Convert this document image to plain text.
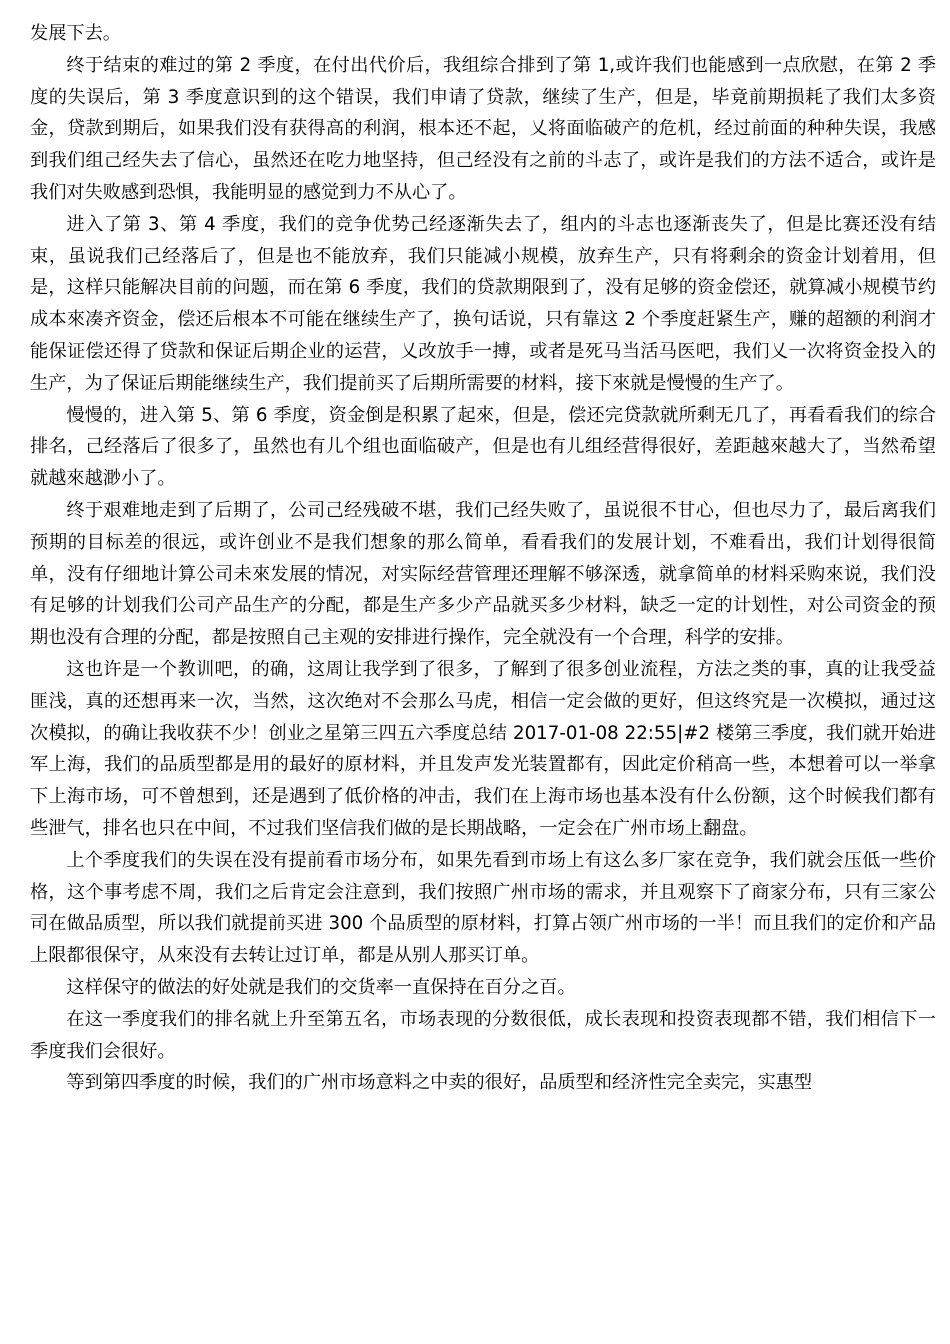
发展下去。

终于结束的难过的第 2 季度，在付出代价后，我组综合排到了第 1,或许我们也能感到一点欣慰，在第 2 季度的失误后，第 3 季度意识到的这个错误，我们申请了贷款，继续了生产，但是，毕竟前期损耗了我们太多资金，贷款到期后，如果我们没有获得高的利润，根本还不起，乂将面临破产的危机，经过前面的种种失误，我感到我们组己经失去了信心，虽然还在吃力地坚持，但己经没有之前的斗志了，或许是我们的方法不适合，或许是我们对失败感到恐惧，我能明显的感觉到力不从心了。

进入了第 3、第 4 季度，我们的竞争优势己经逐渐失去了，组内的斗志也逐渐丧失了，但是比赛还没有结束，虽说我们己经落后了，但是也不能放弃，我们只能减小规模，放弃生产，只有将剩余的资金计划着用，但是，这样只能解决目前的问题，而在第 6 季度，我们的贷款期限到了，没有足够的资金偿还，就算减小规模节约成本來凑齐资金，偿还后根本不可能在继续生产了，换句话说，只有靠这 2 个季度赶紧生产，赚的超额的利润才能保证偿还得了贷款和保证后期企业的运营，乂改放手一搏，或者是死马当活马医吧，我们乂一次将资金投入的生产，为了保证后期能继续生产，我们提前买了后期所需要的材料，接下來就是慢慢的生产了。

慢慢的，进入第 5、第 6 季度，资金倒是积累了起來，但是，偿还完贷款就所剩无几了，再看看我们的综合排名，己经落后了很多了，虽然也有儿个组也面临破产，但是也有儿组经营得很好，差距越來越大了，当然希望就越來越渺小了。

终于艰难地走到了后期了，公司己经残破不堪，我们己经失败了，虽说很不甘心，但也尽力了，最后离我们预期的目标差的很远，或许创业不是我们想象的那么简单，看看我们的发展计划，不难看出，我们计划得很简单，没有仔细地计算公司未來发展的情况，对实际经营管理还理解不够深透，就拿简单的材料采购來说，我们没有足够的计划我们公司产品生产的分配，都是生产多少产品就买多少材料，缺乏一定的计划性，对公司资金的预期也没有合理的分配，都是按照自己主观的安排进行操作，完全就没有一个合理，科学的安排。

这也许是一个教训吧，的确，这周让我学到了很多，了解到了很多创业流程，方法之类的事，真的让我受益匪浅，真的还想再来一次，当然，这次绝对不会那么马虎，相信一定会做的更好，但这终究是一次模拟，通过这次模拟，的确让我收获不少！创业之星第三四五六季度总结 2017-01-08 22:55|#2 楼第三季度，我们就开始进军上海，我们的品质型都是用的最好的原材料，并且发声发光装置都有，因此定价稍高一些，本想着可以一举拿下上海市场，可不曾想到，还是遇到了低价格的冲击，我们在上海市场也基本没有什么份额，这个时候我们都有些泄气，排名也只在中间，不过我们坚信我们做的是长期战略，一定会在广州市场上翻盘。

上个季度我们的失误在没有提前看市场分布，如果先看到市场上有这么多厂家在竞争，我们就会压低一些价格，这个事考虑不周，我们之后肯定会注意到，我们按照广州市场的需求，并且观察下了商家分布，只有三家公司在做品质型，所以我们就提前买进 300 个品质型的原材料，打算占领广州市场的一半！而且我们的定价和产品上限都很保守，从來没有去转让过订单，都是从别人那买订单。

这样保守的做法的好处就是我们的交货率一直保持在百分之百。

在这一季度我们的排名就上升至第五名，市场表现的分数很低，成长表现和投资表现都不错，我们相信下一季度我们会很好。

等到第四季度的时候，我们的广州市场意料之中卖的很好，品质型和经济性完全卖完，实惠型
